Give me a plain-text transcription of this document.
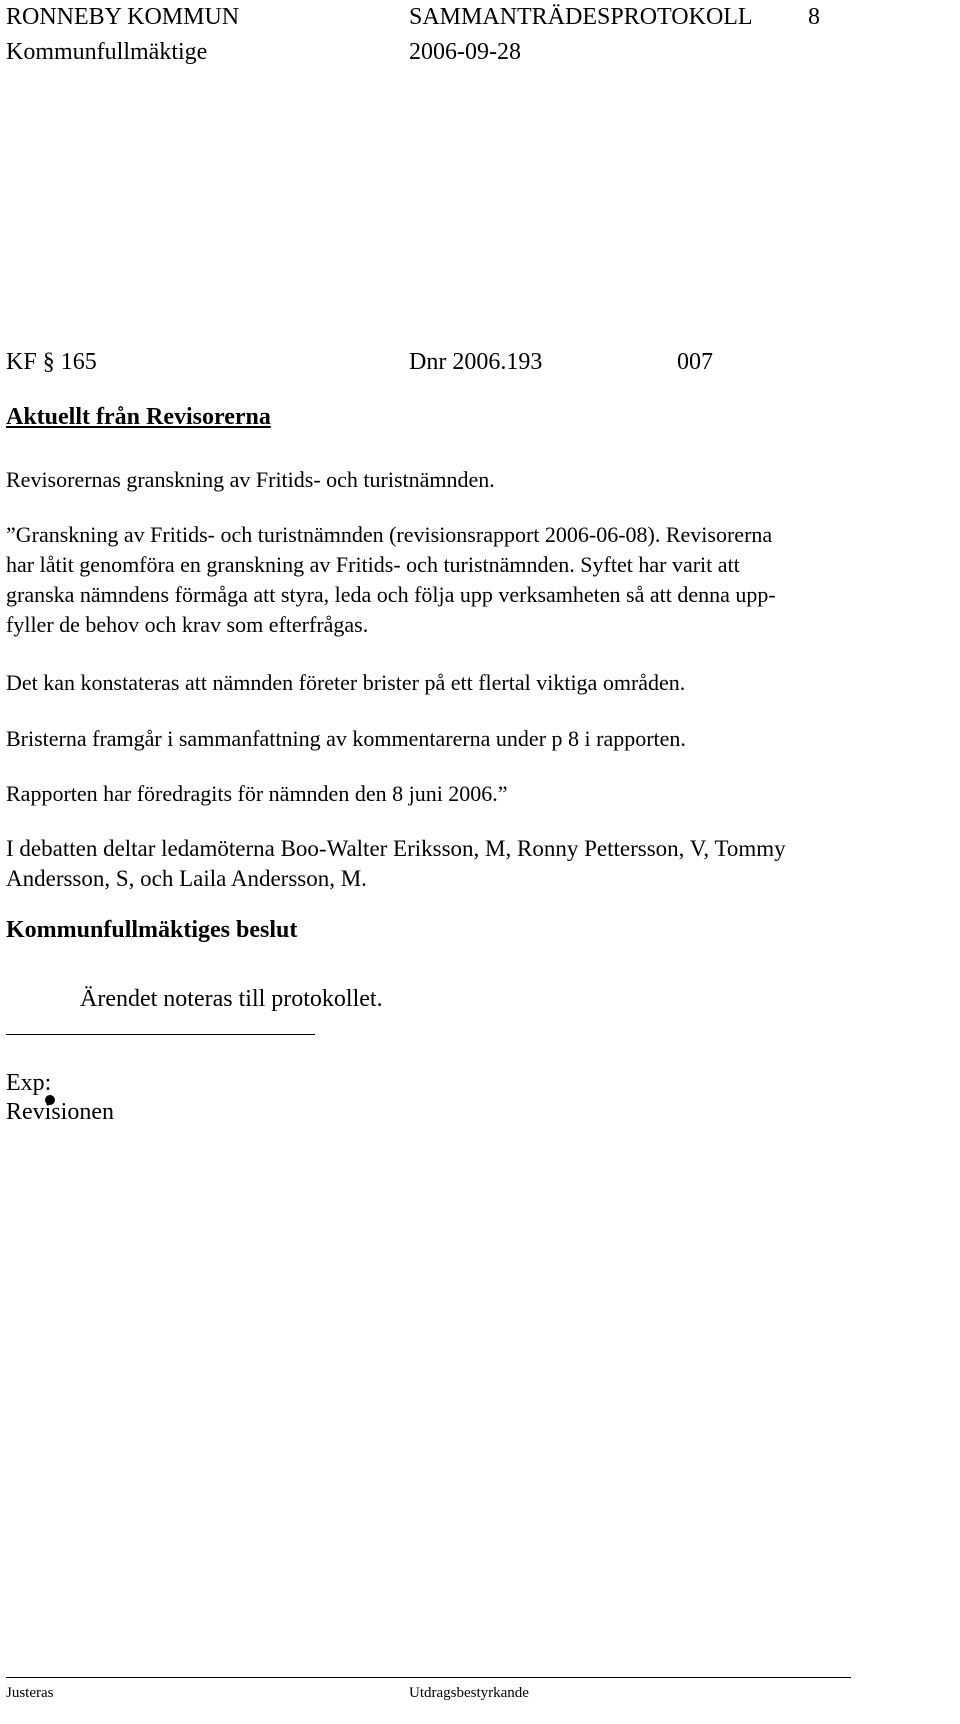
RONNEBY KOMMUN	SAMMANTRÄDESPROTOKOLL 8
Kommunfullmäktige	2006-09-28
KF § 165	Dnr 2006.193	007
Aktuellt från Revisorerna
Revisorernas granskning av Fritids- och turistnämnden.
”Granskning av Fritids- och turistnämnden (revisionsrapport 2006-06-08). Revisorerna
har låtit genomföra en granskning av Fritids- och turistnämnden. Syftet har varit att
granska nämndens förmåga att styra, leda och följa upp verksamheten så att denna upp-
fyller de behov och krav som efterfrågas.
Det kan konstateras att nämnden företer brister på ett flertal viktiga områden.
Bristerna framgår i sammanfattning av kommentarerna under p 8 i rapporten.
Rapporten har föredragits för nämnden den 8 juni 2006.”
I debatten deltar ledamöterna Boo-Walter Eriksson, M, Ronny Pettersson, V, Tommy
Andersson, S, och Laila Andersson, M.
Kommunfullmäktiges beslut
Ärendet noteras till protokollet.
Exp:
Revisionen
Justeras	Utdragsbestyrkande
